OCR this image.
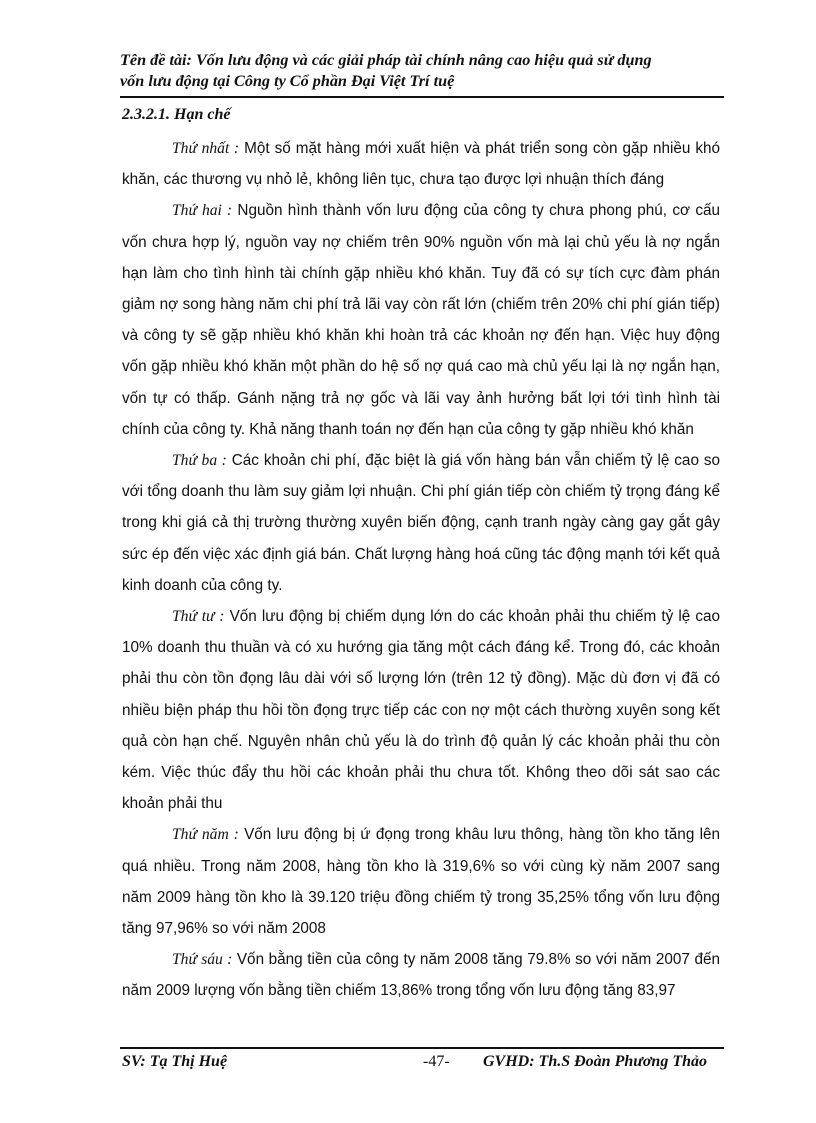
Tên đề tài: Vốn lưu động và các giải pháp tài chính nâng cao hiệu quả sử dụng
vốn lưu động tại Công ty Cổ phần Đại Việt Trí tuệ
2.3.2.1. Hạn chế

Thứ nhất : Một số mặt hàng mới xuất hiện và phát triển song còn gặp nhiều khó khăn, các thương vụ nhỏ lẻ, không liên tục, chưa tạo được lợi nhuận thích đáng

Thứ hai : Nguồn hình thành vốn lưu động của công ty chưa phong phú, cơ cấu vốn chưa hợp lý, nguồn vay nợ chiếm trên 90% nguồn vốn mà lại chủ yếu là nợ ngắn hạn làm cho tình hình tài chính gặp nhiều khó khăn. Tuy đã có sự tích cực đàm phán giảm nợ song hàng năm chi phí trả lãi vay còn rất lớn (chiếm trên 20% chi phí gián tiếp) và công ty sẽ gặp nhiều khó khăn khi hoàn trả các khoản nợ đến hạn. Việc huy động vốn gặp nhiều khó khăn một phần do hệ số nợ quá cao mà chủ yếu lại là nợ ngắn hạn, vốn tự có thấp. Gánh nặng trả nợ gốc và lãi vay ảnh hưởng bất lợi tới tình hình tài chính của công ty. Khả năng thanh toán nợ đến hạn của công ty gặp nhiều khó khăn

Thứ ba : Các khoản chi phí, đặc biệt là giá vốn hàng bán vẫn chiếm tỷ lệ cao so với tổng doanh thu làm suy giảm lợi nhuận. Chi phí gián tiếp còn chiếm tỷ trọng đáng kể trong khi giá cả thị trường thường xuyên biến động, cạnh tranh ngày càng gay gắt gây sức ép đến việc xác định giá bán. Chất lượng hàng hoá cũng tác động mạnh tới kết quả kinh doanh của công ty.

Thứ tư : Vốn lưu động bị chiếm dụng lớn do các khoản phải thu chiếm tỷ lệ cao 10% doanh thu thuần và có xu hướng gia tăng một cách đáng kể. Trong đó, các khoản phải thu còn tồn đọng lâu dài với số lượng lớn (trên 12 tỷ đồng). Mặc dù đơn vị đã có nhiều biện pháp thu hồi tồn đọng trực tiếp các con nợ một cách thường xuyên song kết quả còn hạn chế. Nguyên nhân chủ yếu là do trình độ quản lý các khoản phải thu còn kém. Việc thúc đẩy thu hồi các khoản phải thu chưa tốt. Không theo dõi sát sao các khoản phải thu

Thứ năm : Vốn lưu động bị ứ đọng trong khâu lưu thông, hàng tồn kho tăng lên quá nhiều. Trong năm 2008, hàng tồn kho là 319,6% so với cùng kỳ năm 2007 sang năm 2009 hàng tồn kho là 39.120 triệu đồng chiếm tỷ trong 35,25% tổng vốn lưu động tăng 97,96% so với năm 2008

Thứ sáu : Vốn bằng tiền của công ty năm 2008 tăng 79.8% so với năm 2007 đến năm 2009 lượng vốn bằng tiền chiếm 13,86% trong tổng vốn lưu động tăng 83,97

SV: Tạ Thị Huệ	-47- GVHD: Th.S Đoàn Phương Thảo
